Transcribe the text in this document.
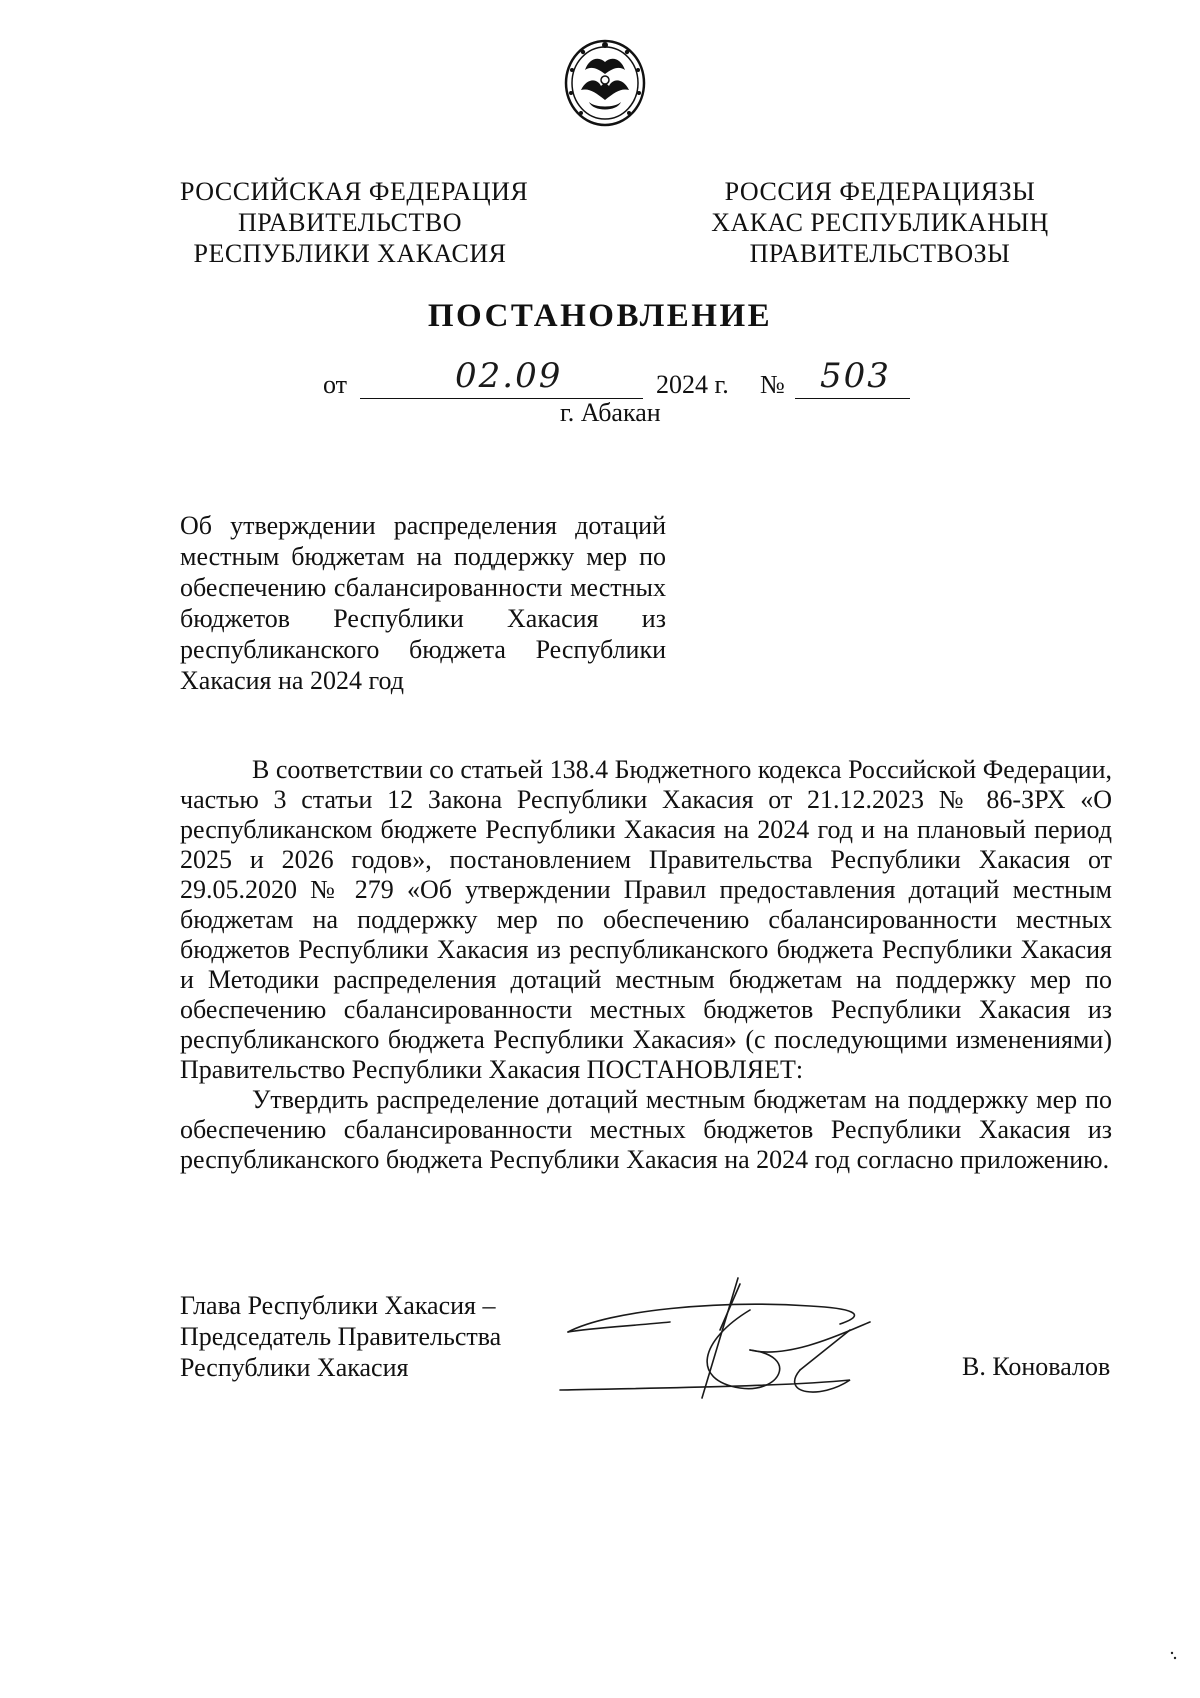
РОССИЙСКАЯ ФЕДЕРАЦИЯ
ПРАВИТЕЛЬСТВО
РЕСПУБЛИКИ ХАКАСИЯ
РОССИЯ ФЕДЕРАЦИЯЗЫ
ХАКАС РЕСПУБЛИКАНЫҢ
ПРАВИТЕЛЬСТВОЗЫ
ПОСТАНОВЛЕНИЕ
от	02.09	2024 г. № 503
г. Абакан
Об утверждении распределения дотаций местным бюджетам на поддержку мер по обеспечению сбалансированности местных бюджетов Республики Хакасия из республиканского бюджета Республики Хакасия на 2024 год

В соответствии со статьей 138.4 Бюджетного кодекса Российской Федерации, частью 3 статьи 12 Закона Республики Хакасия от 21.12.2023 № 86-ЗРХ «О республиканском бюджете Республики Хакасия на 2024 год и на плановый период 2025 и 2026 годов», постановлением Правительства Республики Хакасия от 29.05.2020 № 279 «Об утверждении Правил предоставления дотаций местным бюджетам на поддержку мер по обеспечению сбалансированности местных бюджетов Республики Хакасия из республиканского бюджета Республики Хакасия и Методики распределения дотаций местным бюджетам на поддержку мер по обеспечению сбалансированности местных бюджетов Республики Хакасия из республиканского бюджета Республики Хакасия» (с последующими изменениями) Правительство Республики Хакасия ПОСТАНОВЛЯЕТ:

Утвердить распределение дотаций местным бюджетам на поддержку мер по обеспечению сбалансированности местных бюджетов Республики Хакасия из республиканского бюджета Республики Хакасия на 2024 год согласно приложению.

Глава Республики Хакасия –
Председатель Правительства
Республики Хакасия	В. Коновалов
